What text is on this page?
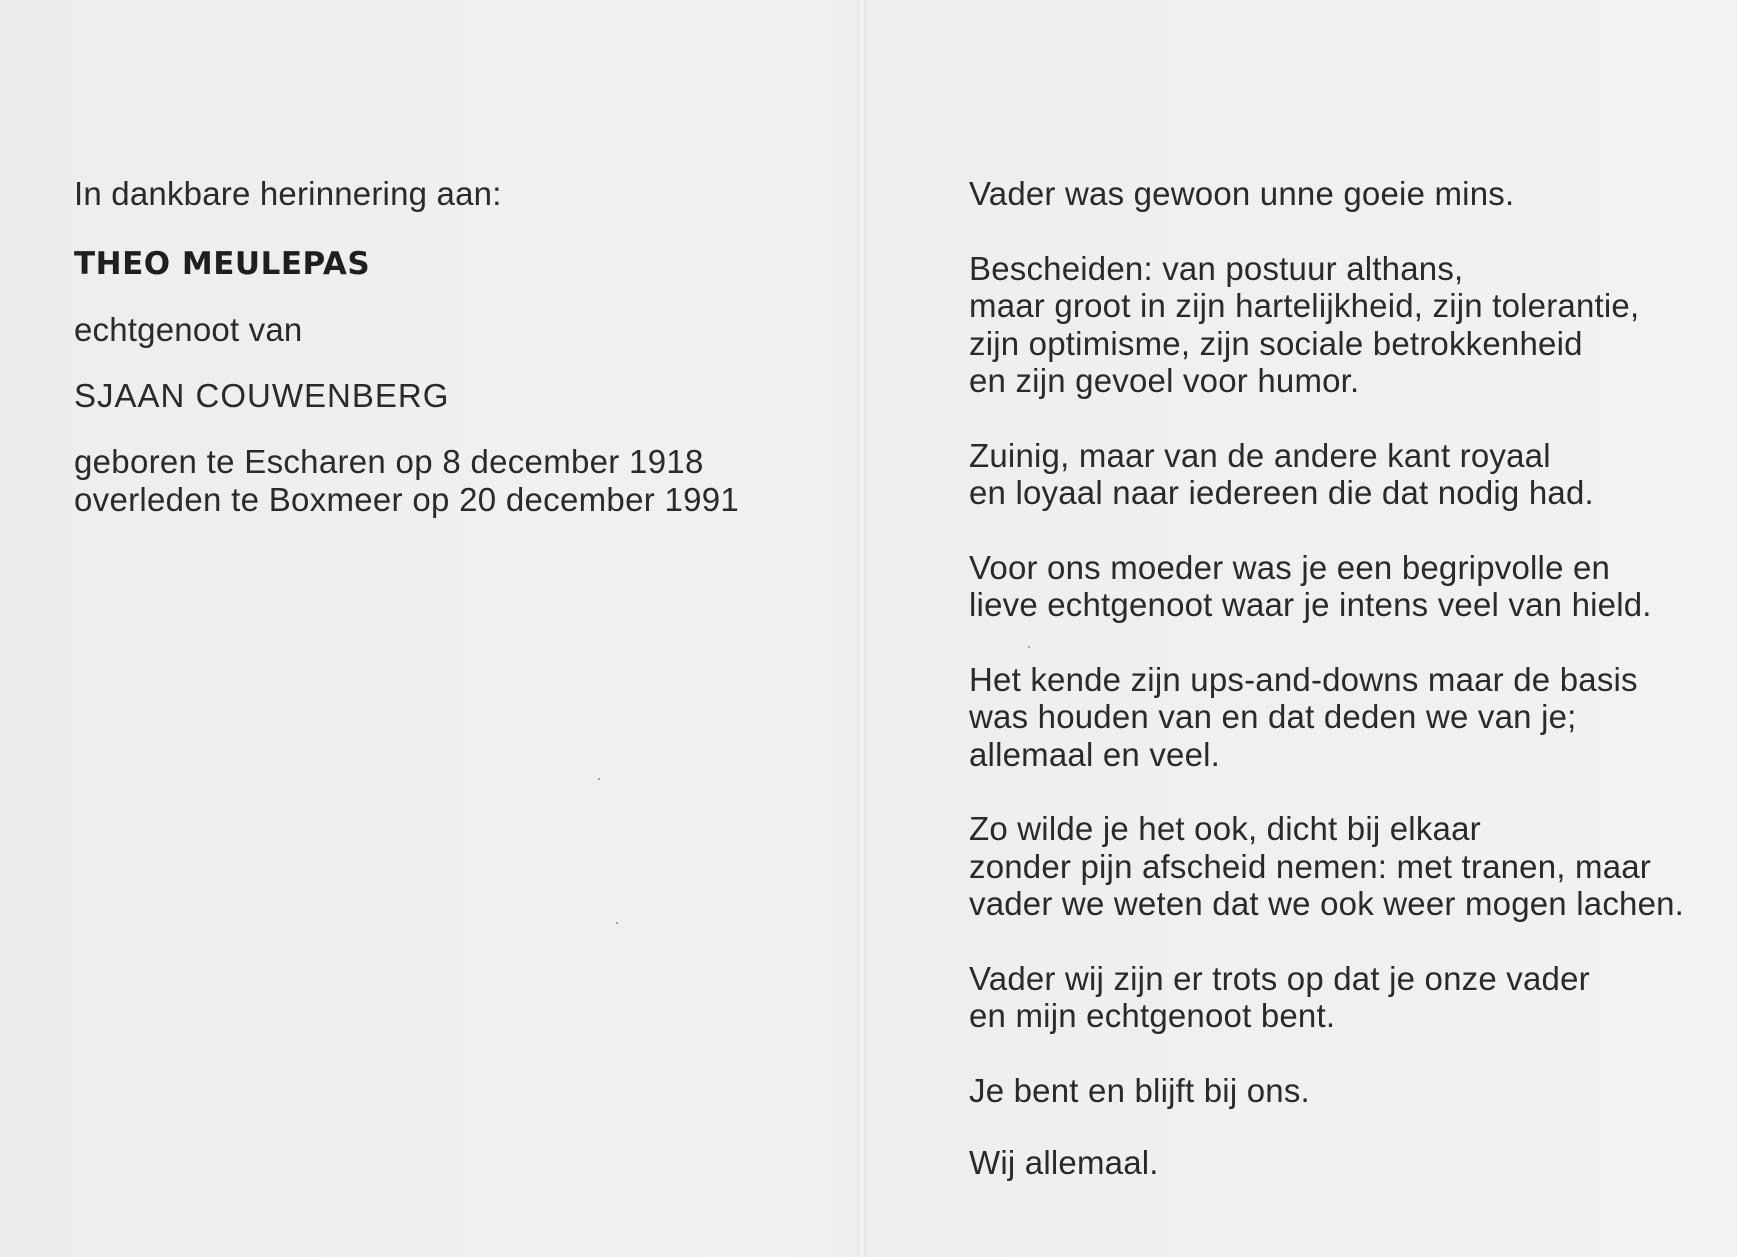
In dankbare herinnering aan:
THEO MEULEPAS
echtgenoot van
SJAAN COUWENBERG
geboren te Escharen op 8 december 1918
overleden te Boxmeer op 20 december 1991
Vader was gewoon unne goeie mins.
Bescheiden: van postuur althans,
maar groot in zijn hartelijkheid, zijn tolerantie,
zijn optimisme, zijn sociale betrokkenheid
en zijn gevoel voor humor.
Zuinig, maar van de andere kant royaal
en loyaal naar iedereen die dat nodig had.
Voor ons moeder was je een begripvolle en
lieve echtgenoot waar je intens veel van hield.
Het kende zijn ups-and-downs maar de basis
was houden van en dat deden we van je;
allemaal en veel.
Zo wilde je het ook, dicht bij elkaar
zonder pijn afscheid nemen: met tranen, maar
vader we weten dat we ook weer mogen lachen.
Vader wij zijn er trots op dat je onze vader
en mijn echtgenoot bent.
Je bent en blijft bij ons.
Wij allemaal.
